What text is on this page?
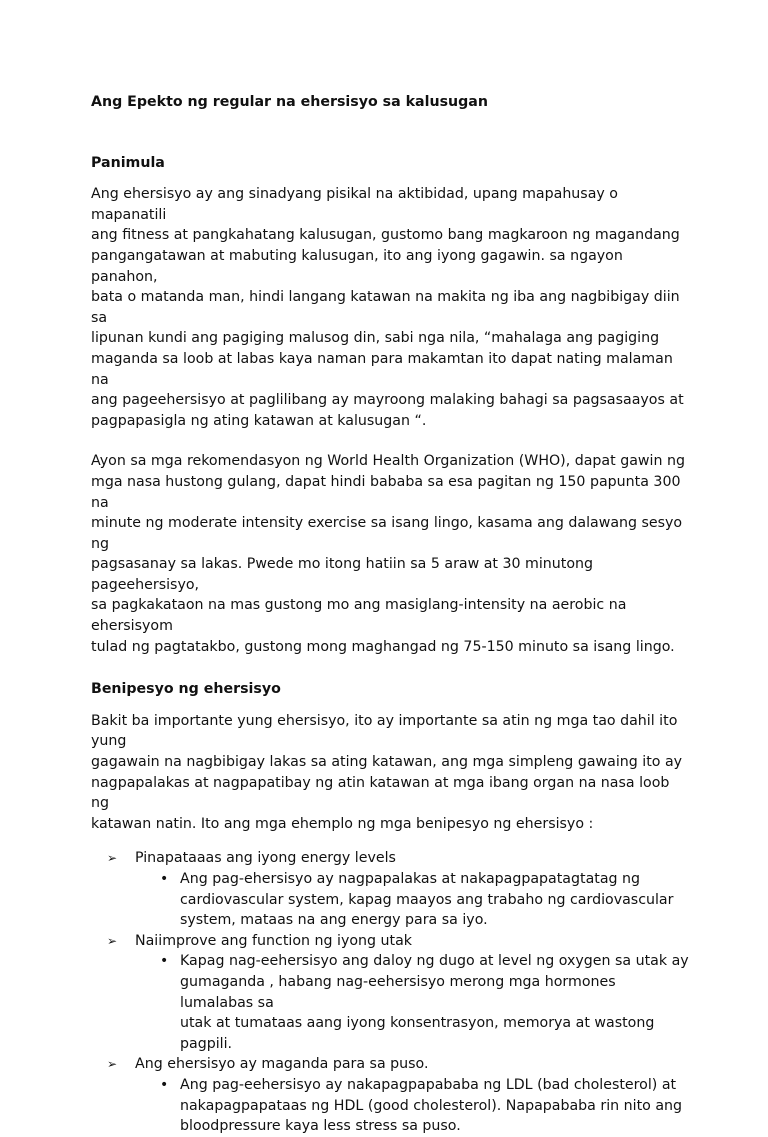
Ang Epekto ng regular na ehersisyo sa kalusugan
Panimula

Ang ehersisyo ay ang sinadyang pisikal na aktibidad, upang mapahusay o mapanatili
ang fitness at pangkahatang kalusugan, gustomo bang magkaroon ng magandang
pangangatawan at mabuting kalusugan, ito ang iyong gagawin. sa ngayon panahon,
bata o matanda man, hindi langang katawan na makita ng iba ang nagbibigay diin sa
lipunan kundi ang pagiging malusog din, sabi nga nila, “mahalaga ang pagiging
maganda sa loob at labas kaya naman para makamtan ito dapat nating malaman na
ang pageehersisyo at paglilibang ay mayroong malaking bahagi sa pagsasaayos at
pagpapasigla ng ating katawan at kalusugan “.

Ayon sa mga rekomendasyon ng World Health Organization (WHO), dapat gawin ng
mga nasa hustong gulang, dapat hindi bababa sa esa pagitan ng 150 papunta 300 na
minute ng moderate intensity exercise sa isang lingo, kasama ang dalawang sesyo ng
pagsasanay sa lakas. Pwede mo itong hatiin sa 5 araw at 30 minutong pageehersisyo,
sa pagkakataon na mas gustong mo ang masiglang-intensity na aerobic na ehersisyom
tulad ng pagtatakbo, gustong mong maghangad ng 75-150 minuto sa isang lingo.

Benipesyo ng ehersisyo

Bakit ba importante yung ehersisyo, ito ay importante sa atin ng mga tao dahil ito yung
gagawain na nagbibigay lakas sa ating katawan, ang mga simpleng gawaing ito ay
nagpapalakas at nagpapatibay ng atin katawan at mga ibang organ na nasa loob ng
katawan natin. Ito ang mga ehemplo ng mga benipesyo ng ehersisyo :

➢ Pinapataaas ang iyong energy levels
• Ang pag-ehersisyo ay nagpapalakas at nakapagpapatagtatag ng
cardiovascular system, kapag maayos ang trabaho ng cardiovascular
system, mataas na ang energy para sa iyo.
➢ Naiimprove ang function ng iyong utak
• Kapag nag-eehersisyo ang daloy ng dugo at level ng oxygen sa utak ay
gumaganda , habang nag-eehersisyo merong mga hormones lumalabas sa
utak at tumataas aang iyong konsentrasyon, memorya at wastong pagpili.
➢ Ang ehersisyo ay maganda para sa puso.
• Ang pag-eehersisyo ay nakapagpapababa ng LDL (bad cholesterol) at
nakapagpapataas ng HDL (good cholesterol). Napapababa rin nito ang
bloodpressure kaya less stress sa puso.
